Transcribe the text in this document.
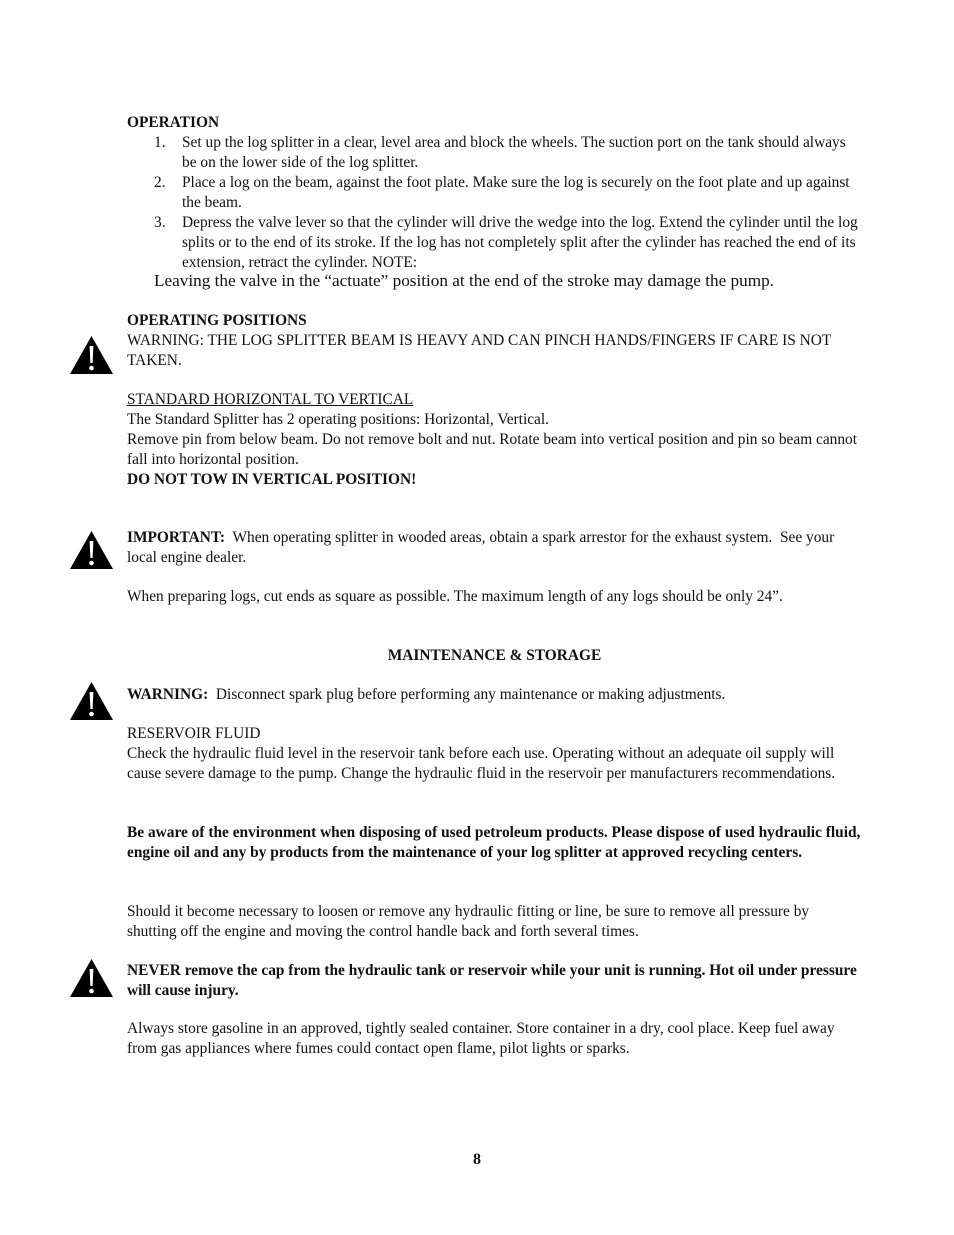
OPERATION

1.	Set up the log splitter in a clear, level area and block the wheels. The suction port on the tank should always be on the lower side of the log splitter.
2.	Place a log on the beam, against the foot plate. Make sure the log is securely on the foot plate and up against the beam.
3.	Depress the valve lever so that the cylinder will drive the wedge into the log. Extend the cylinder until the log splits or to the end of its stroke. If the log has not completely split after the cylinder has reached the end of its extension, retract the cylinder. NOTE:

Leaving the valve in the “actuate” position at the end of the stroke may damage the pump.

OPERATING POSITIONS

WARNING: THE LOG SPLITTER BEAM IS HEAVY AND CAN PINCH HANDS/FINGERS IF CARE IS NOT TAKEN.

STANDARD HORIZONTAL TO VERTICAL

The Standard Splitter has 2 operating positions: Horizontal, Vertical.

Remove pin from below beam. Do not remove bolt and nut. Rotate beam into vertical position and pin so beam cannot fall into horizontal position.

DO NOT TOW IN VERTICAL POSITION!

IMPORTANT:  When operating splitter in wooded areas, obtain a spark arrestor for the exhaust system.  See your local engine dealer.

When preparing logs, cut ends as square as possible. The maximum length of any logs should be only 24”.

MAINTENANCE & STORAGE

WARNING:  Disconnect spark plug before performing any maintenance or making adjustments.

RESERVOIR FLUID

Check the hydraulic fluid level in the reservoir tank before each use. Operating without an adequate oil supply will cause severe damage to the pump. Change the hydraulic fluid in the reservoir per manufacturers recommendations.

Be aware of the environment when disposing of used petroleum products. Please dispose of used hydraulic fluid, engine oil and any by products from the maintenance of your log splitter at approved recycling centers.

Should it become necessary to loosen or remove any hydraulic fitting or line, be sure to remove all pressure by shutting off the engine and moving the control handle back and forth several times.

NEVER remove the cap from the hydraulic tank or reservoir while your unit is running. Hot oil under pressure will cause injury.

Always store gasoline in an approved, tightly sealed container. Store container in a dry, cool place. Keep fuel away from gas appliances where fumes could contact open flame, pilot lights or sparks.

8
